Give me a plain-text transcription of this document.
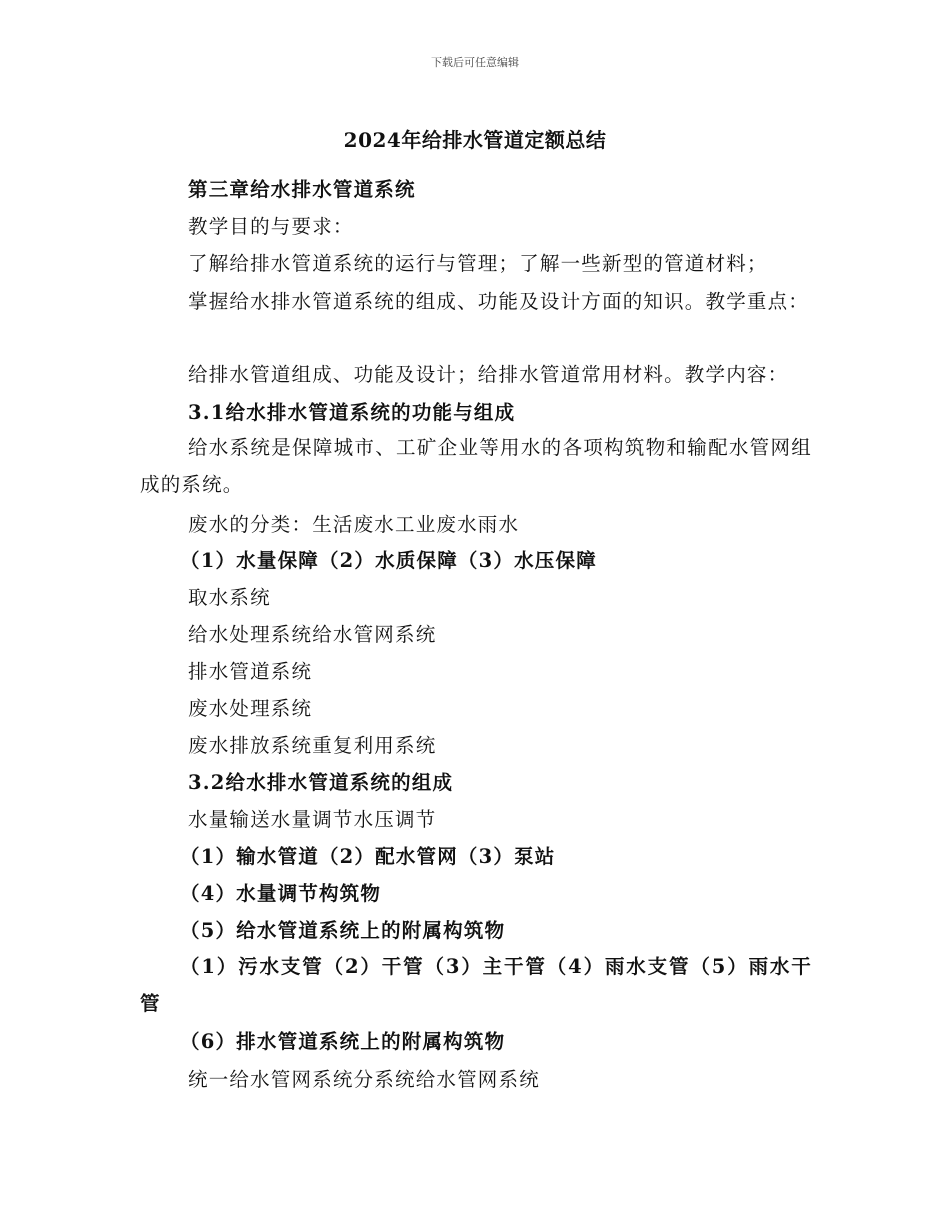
下载后可任意编辑
2024年给排水管道定额总结
第三章给水排水管道系统
教学目的与要求：
了解给排水管道系统的运行与管理；了解一些新型的管道材料；
掌握给水排水管道系统的组成、功能及设计方面的知识。教学重点：
给排水管道组成、功能及设计；给排水管道常用材料。教学内容：
3.1给水排水管道系统的功能与组成
给水系统是保障城市、工矿企业等用水的各项构筑物和输配水管网组成的系统。
废水的分类：生活废水工业废水雨水
（1）水量保障（2）水质保障（3）水压保障
取水系统
给水处理系统给水管网系统
排水管道系统
废水处理系统
废水排放系统重复利用系统
3.2给水排水管道系统的组成
水量输送水量调节水压调节
（1）输水管道（2）配水管网（3）泵站
（4）水量调节构筑物
（5）给水管道系统上的附属构筑物
（1）污水支管（2）干管（3）主干管（4）雨水支管（5）雨水干管
（6）排水管道系统上的附属构筑物
统一给水管网系统分系统给水管网系统
